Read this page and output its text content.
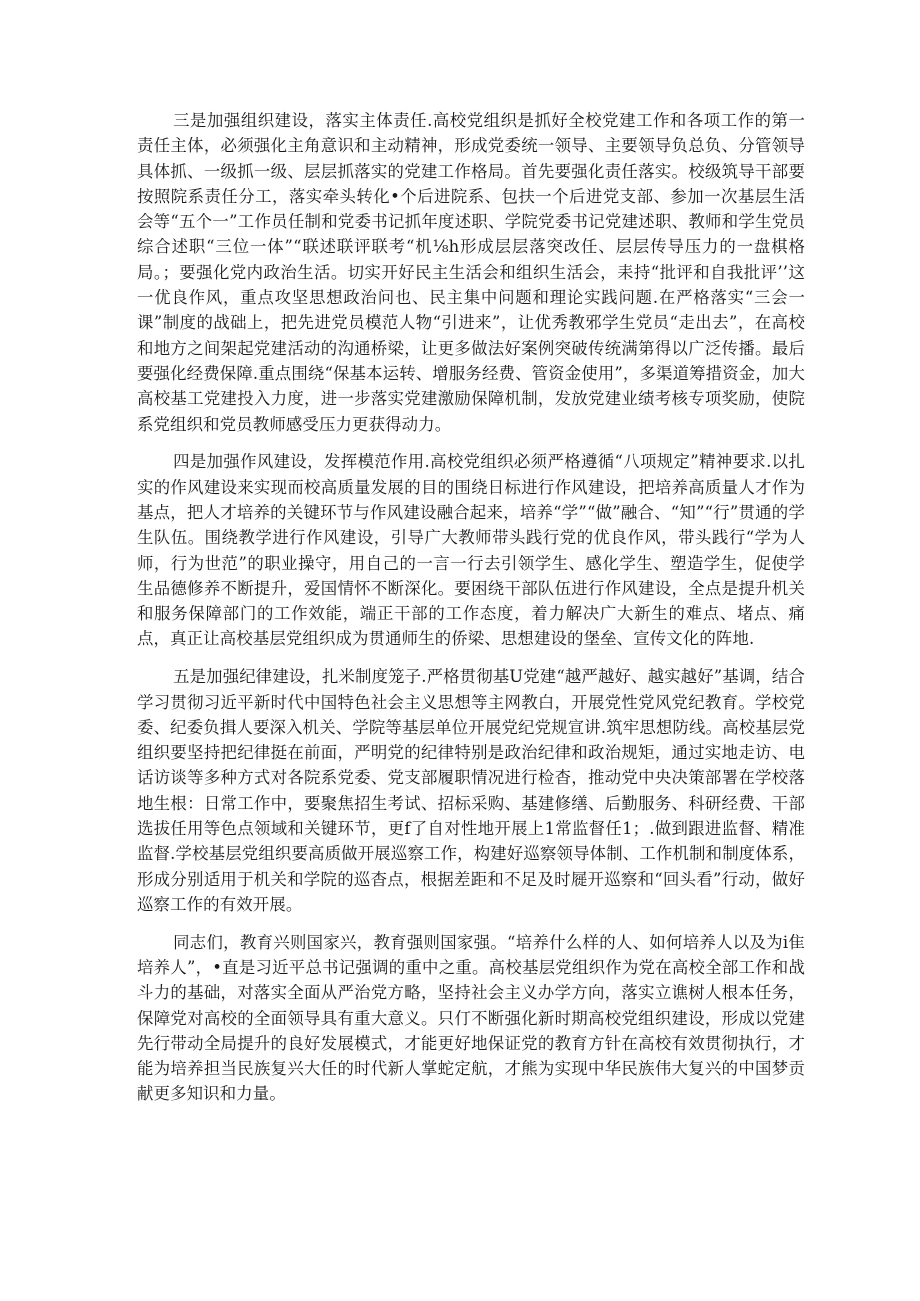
三是加强组织建设，落实主体责任.高校党组织是抓好全校党建工作和各项工作的第一责任主体，必须强化主角意识和主动精神，形成党委统一领导、主要领导负总负、分管领导具体抓、一级抓一级、层层抓落实的党建工作格局。首先要强化责任落实。校级筑导干部要按照院系责任分工，落实牵头转化•个后进院系、包扶一个后进党支部、参加一次基层生活会等“五个一”工作员任制和党委书记抓年度述职、学院党委书记党建述职、教师和学生党员综合述职“三位一体”“联述联评联考“机⅛h形成层层落突改任、层层传导压力的一盘棋格局。；要强化党内政治生活。切实开好民主生活会和组织生活会，耒持“批评和自我批评’’这一优良作风，重点攻坚思想政治问也、民主集中问题和理论实践问题.在严格落实“三会一课”制度的战础上，把先进党员模范人物“引进来”，让优秀教邪学生党员“走出去”，在高校和地方之间架起党建活动的沟通桥梁，让更多做法好案例突破传统满第得以广泛传播。最后要强化经费保障.重点围绕“保基本运转、增服务经费、管资金使用”，多渠道筹措资金，加大高校基工党建投入力度，进一步落实党建激励保障机制，发放党建业绩考核专项奖励，使院系党组织和党员教师感受压力更获得动力。

四是加强作风建设，发挥模范作用.高校党组织必须严格遵循“八项规定”精神要求.以扎实的作风建设来实现而校高质量发展的目的围绕日标进行作风建设，把培养高质量人才作为基点，把人才培养的关键环节与作风建设融合起来，培养“学”“做”融合、“知”“行”贯通的学生队伍。围绕教学进行作风建设，引导广大教师带头践行党的优良作风，带头践行“学为人师，行为世范”的职业操守，用自己的一言一行去引领学生、感化学生、塑造学生，促使学生品德修养不断提升，爱国情怀不断深化。要困绕干部队伍进行作风建设，全点是提升机关和服务保障部门的工作效能，端正干部的工作态度，着力解决广大新生的难点、堵点、痛点，真正让高校基层党组织成为贯通师生的侨梁、思想建设的堡垒、宣传文化的阵地.

五是加强纪律建设，扎米制度笼子.严格贯彻基U党建“越严越好、越实越好”基调，结合学习贯彻习近平新时代中国特色社会主义思想等主网教白，开展党性党风党纪教育。学校党委、纪委负揖人要深入机关、学院等基层单位开展党纪党规宣讲.筑牢思想防线。高校基层党组织要坚持把纪律挺在前面，严明党的纪律特别是政治纪律和政治规矩，通过实地走访、电话访谈等多种方式对各院系党委、党支部履职情况进行检杳，推动党中央决策部署在学校落地生根：日常工作中，要聚焦招生考试、招标采购、基建修缮、后勤服务、科研经费、干部选拔任用等色点领域和关键环节，更f了自对性地开展上1常监督任1；.做到跟进监督、精准监督.学校基层党组织要高质做开展巡察工作，构建好巡察领导体制、工作机制和制度体系，形成分别适用于机关和学院的巡杳点，根据差距和不足及时屣开巡察和“回头看”行动，做好巡察工作的有效开展。

同志们，教育兴则国家兴，教育强则国家强。“培养什么样的人、如何培养人以及为i隹培养人”，•直是习近平总书记强调的重中之重。高校基层党组织作为党在高校全部工作和战斗力的基础，对落实全面从严治党方略，坚持社会主义办学方向，落实立谯树人根本任务，保障党对高校的全面领导具有重大意义。只仃不断强化新时期高校党组织建设，形成以党建先行带动全局提升的良好发展模式，才能更好地保证党的教育方针在高校有效贯彻执行，才能为培养担当民族复兴大任的时代新人掌蛇定航，才熊为实现中华民族伟大复兴的中国梦贡献更多知识和力量。
